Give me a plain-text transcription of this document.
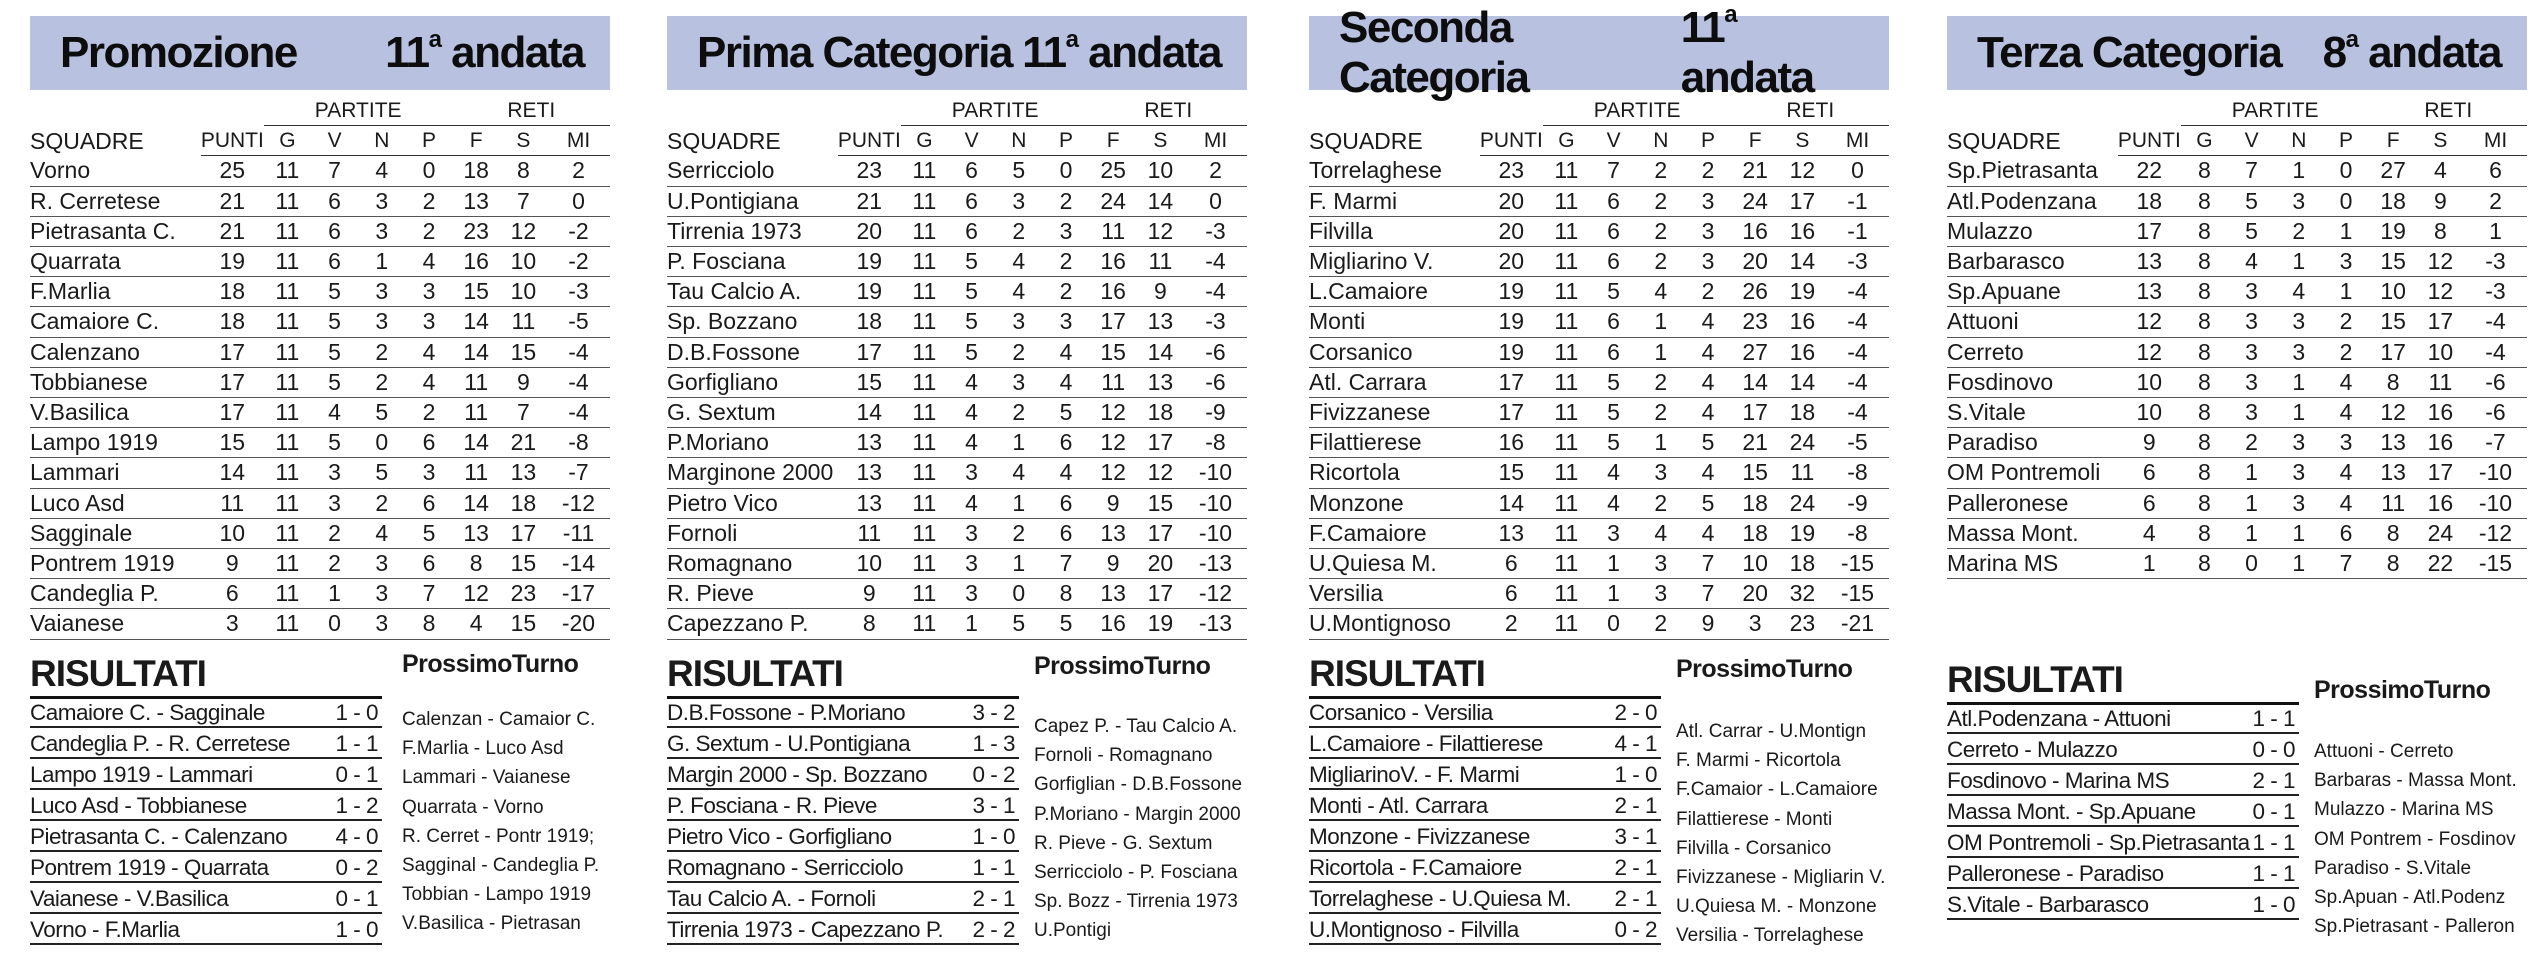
Promozione 11$^a$ andata
SQUADRE		PARTITE				RETI		
	PUNTI	G	V	N	P	F	S	MI
Vorno	25	11	7	4	0	18	8	2
R. Cerretese	21	11	6	3	2	13	7	0
Pietrasanta C.	21	11	6	3	2	23	12	-2
Quarrata	19	11	6	1	4	16	10	-2
F.Marlia	18	11	5	3	3	15	10	-3
Camaiore C.	18	11	5	3	3	14	11	-5
Calenzano	17	11	5	2	4	14	15	-4
Tobbianese	17	11	5	2	4	11	9	-4
V.Basilica	17	11	4	5	2	11	7	-4
Lampo 1919	15	11	5	0	6	14	21	-8
Lammari	14	11	3	5	3	11	13	-7
Luco Asd	11	11	3	2	6	14	18	-12
Sagginale	10	11	2	4	5	13	17	-11
Pontrem 1919	9	11	2	3	6	8	15	-14
Candeglia P.	6	11	1	3	7	12	23	-17
Vaianese	3	11	0	3	8	4	15	-20
RISULTATI
Camaiore C. - Sagginale	1 - 0
Candeglia P. - R. Cerretese 1 - 1
Lampo 1919 - Lammari	0 - 1
Luco Asd - Tobbianese	1 - 2
Pietrasanta C. - Calenzano 4 - 0
Pontrem 1919 - Quarrata	0 - 2
Vaianese - V.Basilica	0 - 1
Vorno - F.Marlia	1 - 0
ProssimoTurno
Calenzan - Camaior C.
F.Marlia - Luco Asd
Lammari - Vaianese
Quarrata - Vorno
R. Cerret - Pontr 1919;
Sagginal - Candeglia P.
Tobbian - Lampo 1919
V.Basilica - Pietrasan
Prima Categoria 11$^a$ andata
SQUADRE		PARTITE				RETI		
	PUNTI	G	V	N	P	F	S	MI
Serricciolo	23	11	6	5	0	25	10	2
U.Pontigiana	21	11	6	3	2	24	14	0
Tirrenia 1973	20	11	6	2	3	11	12	-3
P. Fosciana	19	11	5	4	2	16	11	-4
Tau Calcio A.	19	11	5	4	2	16	9	-4
Sp. Bozzano	18	11	5	3	3	17	13	-3
D.B.Fossone	17	11	5	2	4	15	14	-6
Gorfigliano	15	11	4	3	4	11	13	-6
G. Sextum	14	11	4	2	5	12	18	-9
P.Moriano	13	11	4	1	6	12	17	-8
Marginone 2000	13	11	3	4	4	12	12	-10
Pietro Vico	13	11	4	1	6	9	15	-10
Fornoli	11	11	3	2	6	13	17	-10
Romagnano	10	11	3	1	7	9	20	-13
R. Pieve	9	11	3	0	8	13	17	-12
Capezzano P.	8	11	1	5	5	16	19	-13
RISULTATI
D.B.Fossone - P.Moriano	3 - 2
G. Sextum - U.Pontigiana	1 - 3
Margin 2000 - Sp. Bozzano 0 - 2
P. Fosciana - R. Pieve	3 - 1
Pietro Vico - Gorfigliano	1 - 0
Romagnano - Serricciolo	1 - 1
Tau Calcio A. - Fornoli	2 - 1
Tirrenia 1973 - Capezzano P. 2 - 2
ProssimoTurno
Capez P. - Tau Calcio A.
Fornoli - Romagnano
Gorfiglian - D.B.Fossone
P.Moriano - Margin 2000
R. Pieve - G. Sextum
Serricciolo - P. Fosciana
Sp. Bozz - Tirrenia 1973
U.Pontigi
Seconda Categoria
11$^a$ andata
SQUADRE		PARTITE				RETI		
	PUNTI	G	V	N	P	F	S	MI
Torrelaghese	23	11	7	2	2	21	12	0
F. Marmi	20	11	6	2	3	24	17	-1
Filvilla	20	11	6	2	3	16	16	-1
Migliarino V.	20	11	6	2	3	20	14	-3
L.Camaiore	19	11	5	4	2	26	19	-4
Monti	19	11	6	1	4	23	16	-4
Corsanico	19	11	6	1	4	27	16	-4
Atl. Carrara	17	11	5	2	4	14	14	-4
Fivizzanese	17	11	5	2	4	17	18	-4
Filattierese	16	11	5	1	5	21	24	-5
Ricortola	15	11	4	3	4	15	11	-8
Monzone	14	11	4	2	5	18	24	-9
F.Camaiore	13	11	3	4	4	18	19	-8
U.Quiesa M.	6	11	1	3	7	10	18	-15
Versilia	6	11	1	3	7	20	32	-15
U.Montignoso	2	11	0	2	9	3	23	-21
RISULTATI
Corsanico - Versilia	2 - 0
L.Camaiore - Filattierese	4 - 1
MigliarinoV. - F. Marmi	1 - 0
Monti - Atl. Carrara	2 - 1
Monzone - Fivizzanese	3 - 1
Ricortola - F.Camaiore	2 - 1
Torrelaghese - U.Quiesa M. 2 - 1
U.Montignoso - Filvilla	0 - 2
ProssimoTurno
Atl. Carrar - U.Montign
F. Marmi - Ricortola
F.Camaior - L.Camaiore
Filattierese - Monti
Filvilla - Corsanico
Fivizzanese - Migliarin V.
U.Quiesa M. - Monzone
Versilia - Torrelaghese
Terza Categoria 8$^a$ andata
SQUADRE		PARTITE				RETI		
	PUNTI	G	V	N	P	F	S	MI
Sp.Pietrasanta	22	8	7	1	0	27	4	6
Atl.Podenzana	18	8	5	3	0	18	9	2
Mulazzo	17	8	5	2	1	19	8	1
Barbarasco	13	8	4	1	3	15	12	-3
Sp.Apuane	13	8	3	4	1	10	12	-3
Attuoni	12	8	3	3	2	15	17	-4
Cerreto	12	8	3	3	2	17	10	-4
Fosdinovo	10	8	3	1	4	8	11	-6
S.Vitale	10	8	3	1	4	12	16	-6
Paradiso	9	8	2	3	3	13	16	-7
OM Pontremoli	6	8	1	3	4	13	17	-10
Palleronese	6	8	1	3	4	11	16	-10
Massa Mont.	4	8	1	1	6	8	24	-12
Marina MS	1	8	0	1	7	8	22	-15
RISULTATI
Atl.Podenzana - Attuoni	1 - 1
Cerreto - Mulazzo	0 - 0
Fosdinovo - Marina MS	2 - 1
Massa Mont. - Sp.Apuane	0 - 1
OM Pontremoli - Sp.Pietrasanta 1 - 1
Palleronese - Paradiso	1 - 1
S.Vitale - Barbarasco	1 - 0
ProssimoTurno
Attuoni - Cerreto
Barbaras - Massa Mont.
Mulazzo - Marina MS
OM Pontrem - Fosdinov
Paradiso - S.Vitale
Sp.Apuan - Atl.Podenz
Sp.Pietrasant - Palleron
